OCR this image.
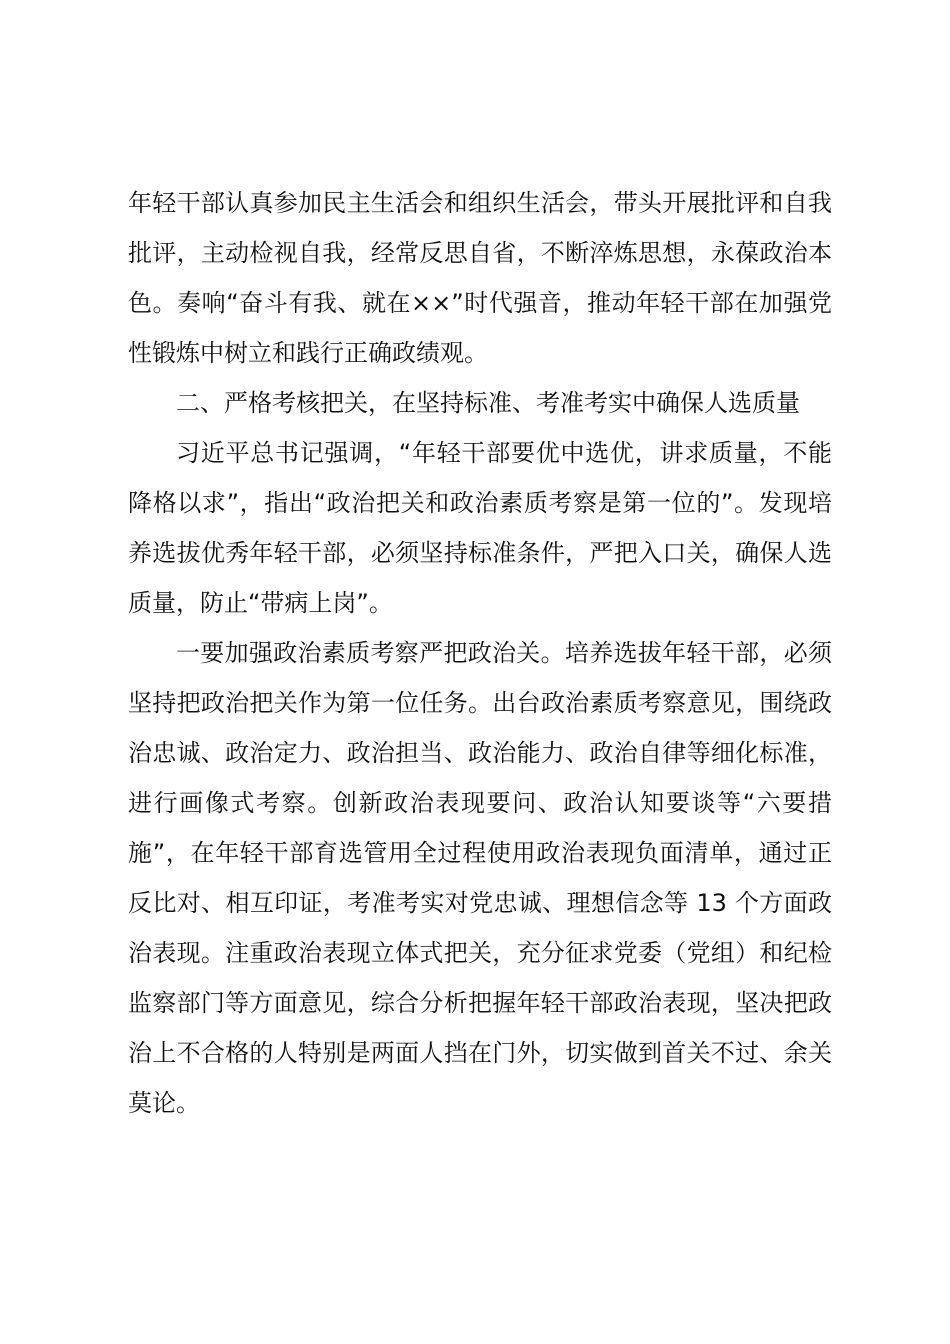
年轻干部认真参加民主生活会和组织生活会，带头开展批评和自我批评，主动检视自我，经常反思自省，不断淬炼思想，永葆政治本色。奏响“奋斗有我、就在××”时代强音，推动年轻干部在加强党性锻炼中树立和践行正确政绩观。

二、严格考核把关，在坚持标准、考准考实中确保人选质量

习近平总书记强调，“年轻干部要优中选优，讲求质量，不能降格以求”，指出“政治把关和政治素质考察是第一位的”。发现培养选拔优秀年轻干部，必须坚持标准条件，严把入口关，确保人选质量，防止“带病上岗”。

一要加强政治素质考察严把政治关。培养选拔年轻干部，必须坚持把政治把关作为第一位任务。出台政治素质考察意见，围绕政治忠诚、政治定力、政治担当、政治能力、政治自律等细化标准，进行画像式考察。创新政治表现要问、政治认知要谈等“六要措施”，在年轻干部育选管用全过程使用政治表现负面清单，通过正反比对、相互印证，考准考实对党忠诚、理想信念等 13 个方面政治表现。注重政治表现立体式把关，充分征求党委（党组）和纪检监察部门等方面意见，综合分析把握年轻干部政治表现，坚决把政治上不合格的人特别是两面人挡在门外，切实做到首关不过、余关莫论。
